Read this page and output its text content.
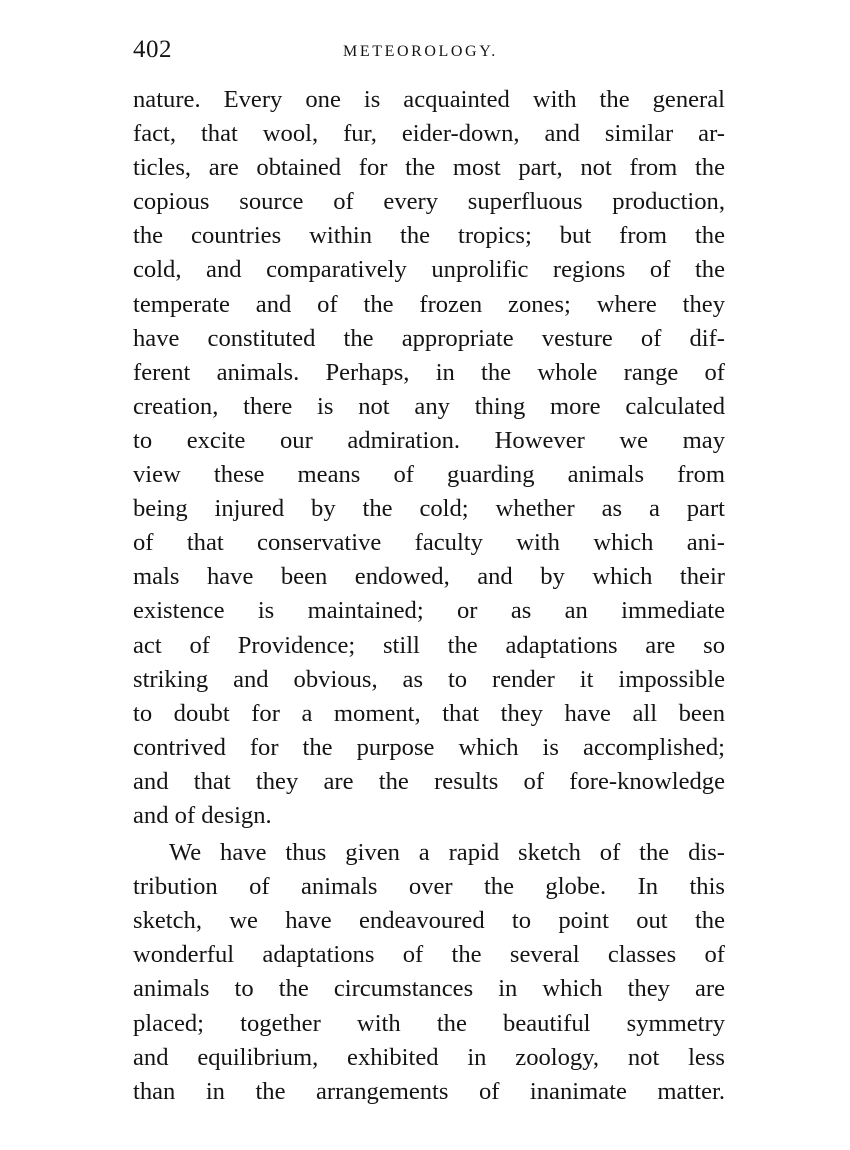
402	METEOROLOGY.
nature. Every one is acquainted with the general
fact, that wool, fur, eider-down, and similar ar-
ticles, are obtained for the most part, not from the
copious source of every superfluous production,
the countries within the tropics; but from the
cold, and comparatively unprolific regions of the
temperate and of the frozen zones; where they
have constituted the appropriate vesture of dif-
ferent animals. Perhaps, in the whole range of
creation, there is not any thing more calculated
to excite our admiration. However we may
view these means of guarding animals from
being injured by the cold; whether as a part
of that conservative faculty with which ani-
mals have been endowed, and by which their
existence is maintained; or as an immediate
act of Providence; still the adaptations are so
striking and obvious, as to render it impossible
to doubt for a moment, that they have all been
contrived for the purpose which is accomplished;
and that they are the results of fore-knowledge
and of design.
We have thus given a rapid sketch of the dis-
tribution of animals over the globe. In this
sketch, we have endeavoured to point out the
wonderful adaptations of the several classes of
animals to the circumstances in which they are
placed; together with the beautiful symmetry
and equilibrium, exhibited in zoology, not less
than in the arrangements of inanimate matter.
